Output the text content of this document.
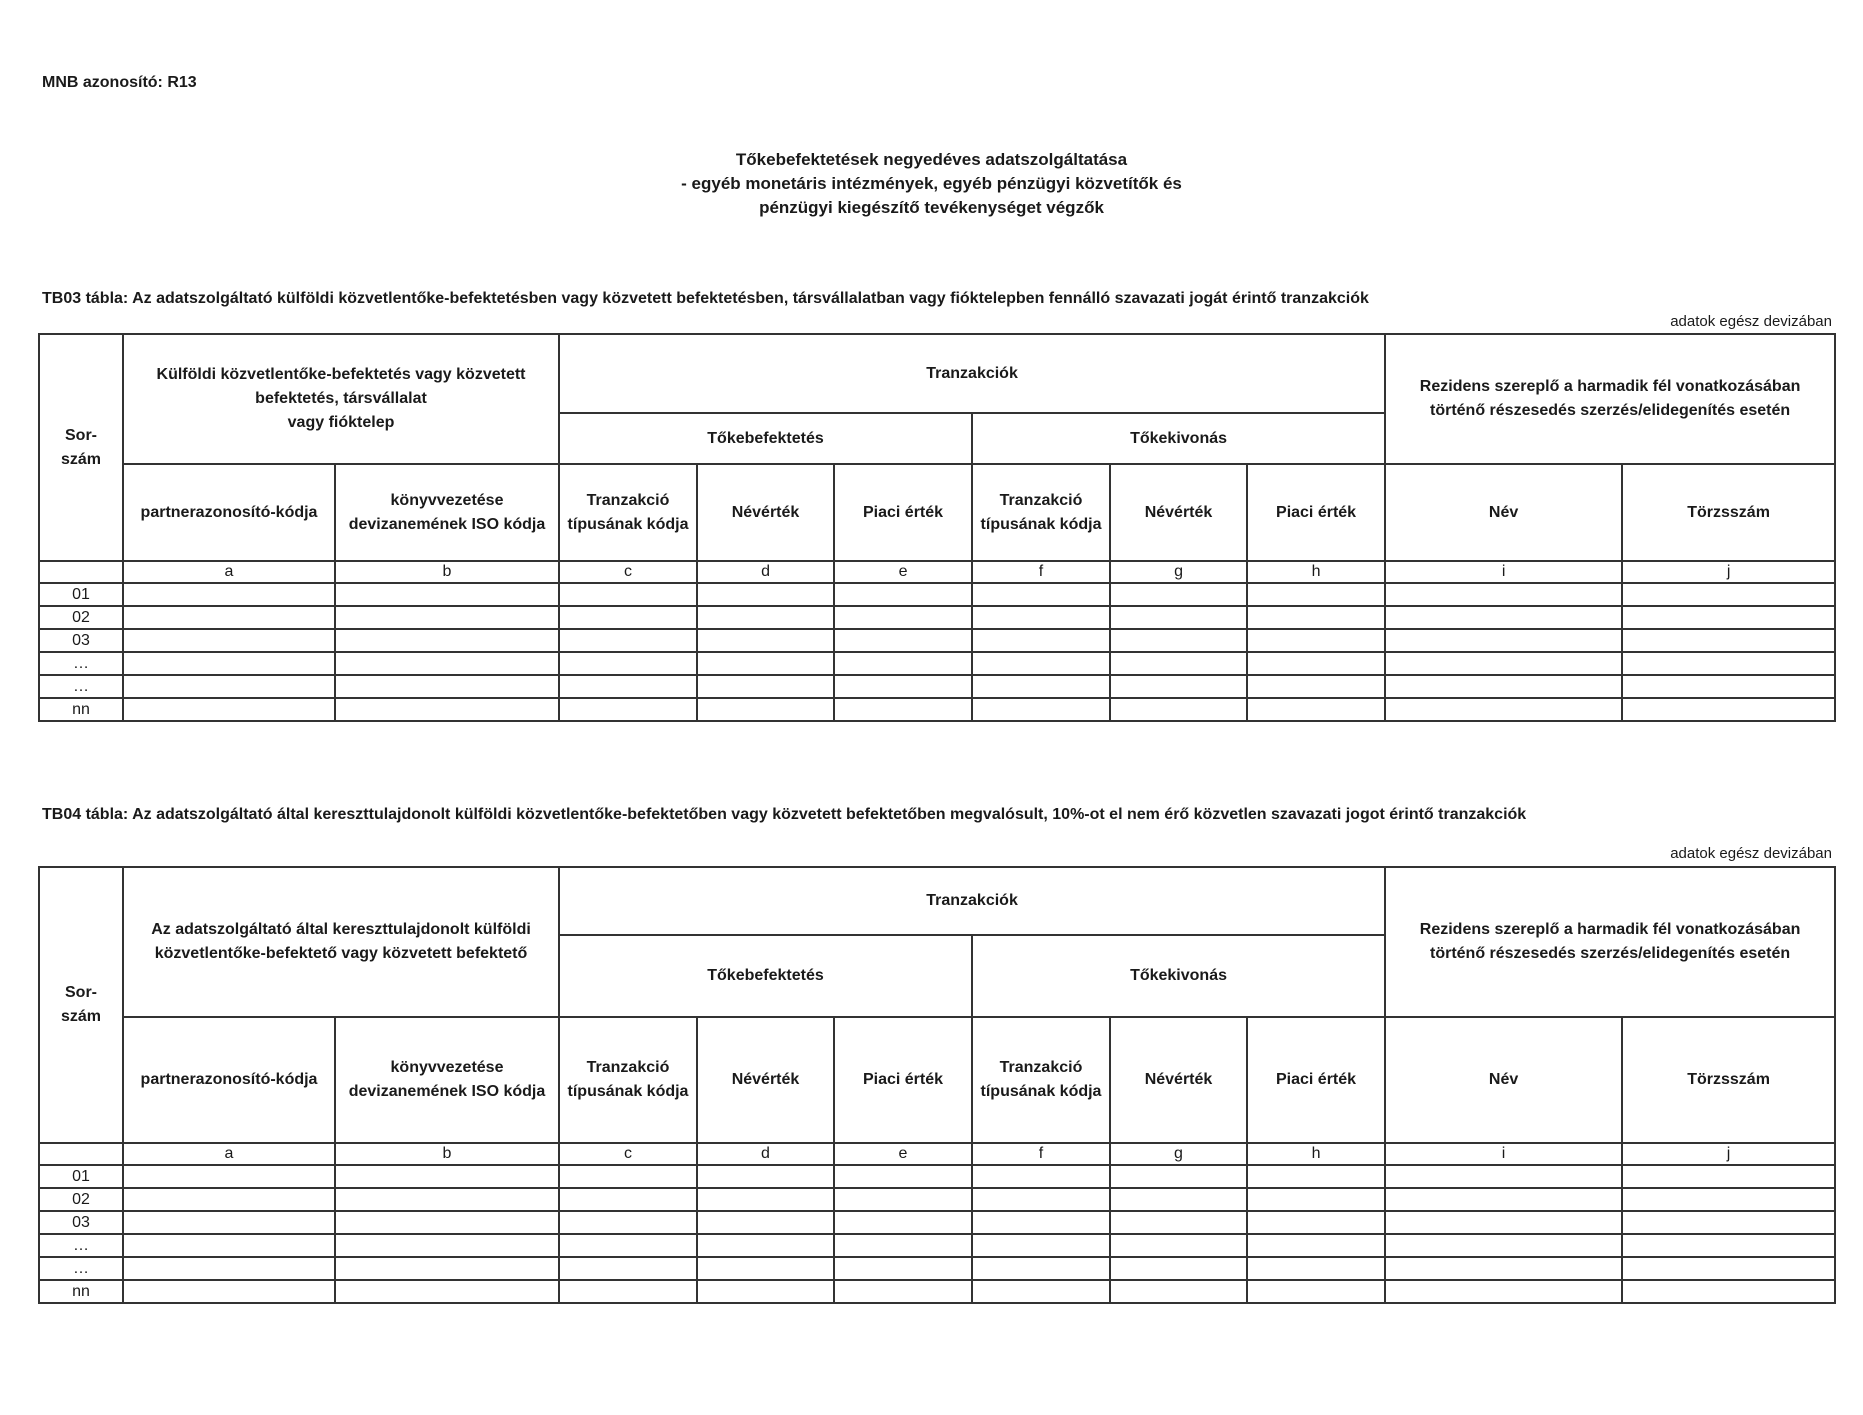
MNB azonosító: R13
Tőkebefektetések negyedéves adatszolgáltatása
- egyéb monetáris intézmények, egyéb pénzügyi közvetítők és
pénzügyi kiegészítő tevékenységet végzők
TB03 tábla: Az adatszolgáltató külföldi közvetlentőke-befektetésben vagy közvetett befektetésben, társvállalatban vagy fióktelepben fennálló szavazati jogát érintő tranzakciók
adatok egész devizában
Sor-
szám	Külföldi közvetlentőke-befektetés vagy közvetett befektetés, társvállalat
vagy fióktelep		Tranzakciók						Rezidens szereplő a harmadik fél vonatkozásában történő részesedés szerzés/elidegenítés esetén	
			Tőkebefektetés			Tőkekivonás				
	partnerazonosító-kódja	könyvvezetése devizanemének ISO kódja	Tranzakció típusának kódja	Névérték	Piaci érték	Tranzakció típusának kódja	Névérték	Piaci érték	Név	Törzsszám
	a	b	c	d	e	f	g	h	i	j
01										
02										
03										
…										
…										
nn										
TB04 tábla: Az adatszolgáltató által kereszttulajdonolt külföldi közvetlentőke-befektetőben vagy közvetett befektetőben megvalósult, 10%-ot el nem érő közvetlen szavazati jogot érintő tranzakciók
adatok egész devizában
Sor-
szám	Az adatszolgáltató által kereszttulajdonolt külföldi közvetlentőke-befektető vagy közvetett befektető		Tranzakciók						Rezidens szereplő a harmadik fél vonatkozásában történő részesedés szerzés/elidegenítés esetén	
			Tőkebefektetés			Tőkekivonás				
	partnerazonosító-kódja	könyvvezetése devizanemének ISO kódja	Tranzakció típusának kódja	Névérték	Piaci érték	Tranzakció típusának kódja	Névérték	Piaci érték	Név	Törzsszám
	a	b	c	d	e	f	g	h	i	j
01										
02										
03										
…										
…										
nn										
